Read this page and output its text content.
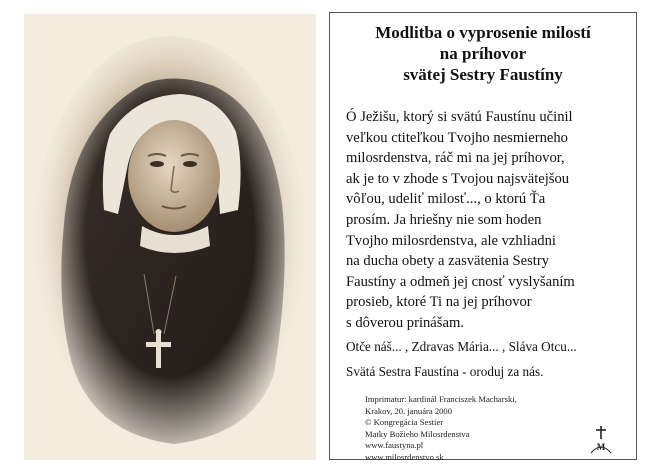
Modlitba o vyprosenie milostí
na príhovor
svätej Sestry Faustíny
Ó Ježišu, ktorý si svätú Faustínu učinil
veľkou ctiteľkou Tvojho nesmierneho
milosrdenstva, ráč mi na jej príhovor,
ak je to v zhode s Tvojou najsvätejšou
vôľou, udeliť milosť..., o ktorú Ťa
prosím. Ja hriešny nie som hoden
Tvojho milosrdenstva, ale vzhliadni
na ducha obety a zasvätenia Sestry
Faustíny a odmeň jej cnosť vyslyšaním
prosieb, ktoré Ti na jej príhovor
s dôverou prinášam.
Otče náš... , Zdravas Mária... , Sláva Otcu...
Svätá Sestra Faustína - oroduj za nás.
Imprimatur: kardinál Franciszek Macharski,
Krakov, 20. januára 2000
© Kongregácia Sestier
Matky Božieho Milosrdenstva
www.faustyna.pl
www.milosrdenstvo.sk
M
